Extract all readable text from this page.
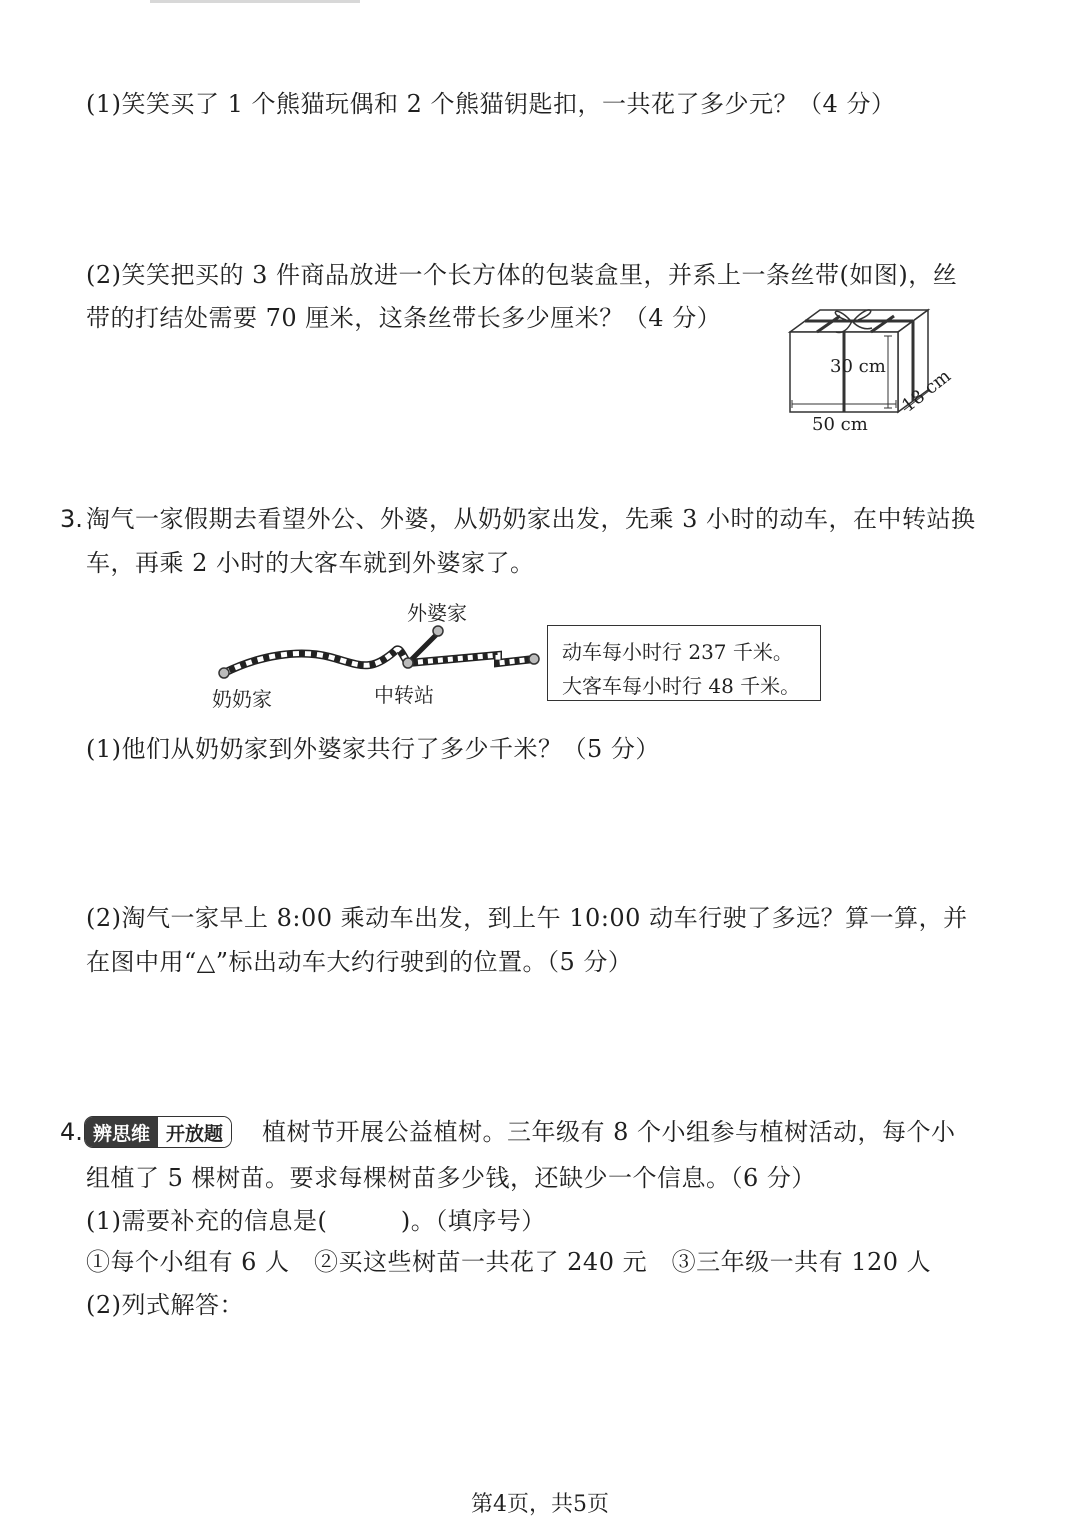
(1)笑笑买了 1 个熊猫玩偶和 2 个熊猫钥匙扣，一共花了多少元？（4 分）
(2)笑笑把买的 3 件商品放进一个长方体的包装盒里，并系上一条丝带(如图)，丝
带的打结处需要 70 厘米，这条丝带长多少厘米？（4 分）
30 cm
50 cm
18 cm
3. 淘气一家假期去看望外公、外婆，从奶奶家出发，先乘 3 小时的动车，在中转站换
车，再乘 2 小时的大客车就到外婆家了。
外婆家
奶奶家	中转站
动车每小时行 237 千米。
大客车每小时行 48 千米。
(1)他们从奶奶家到外婆家共行了多少千米？（5 分）
(2)淘气一家早上 8:00 乘动车出发，到上午 10:00 动车行驶了多远？算一算，并
在图中用“△”标出动车大约行驶到的位置。（5 分）
4. 辨思维 开放题	植树节开展公益植树。三年级有 8 个小组参与植树活动，每个小
组植了 5 棵树苗。要求每棵树苗多少钱，还缺少一个信息。（6 分）
(1)需要补充的信息是(　　　)。（填序号）
①每个小组有 6 人　②买这些树苗一共花了 240 元　③三年级一共有 120 人
(2)列式解答：
第4页，共5页
